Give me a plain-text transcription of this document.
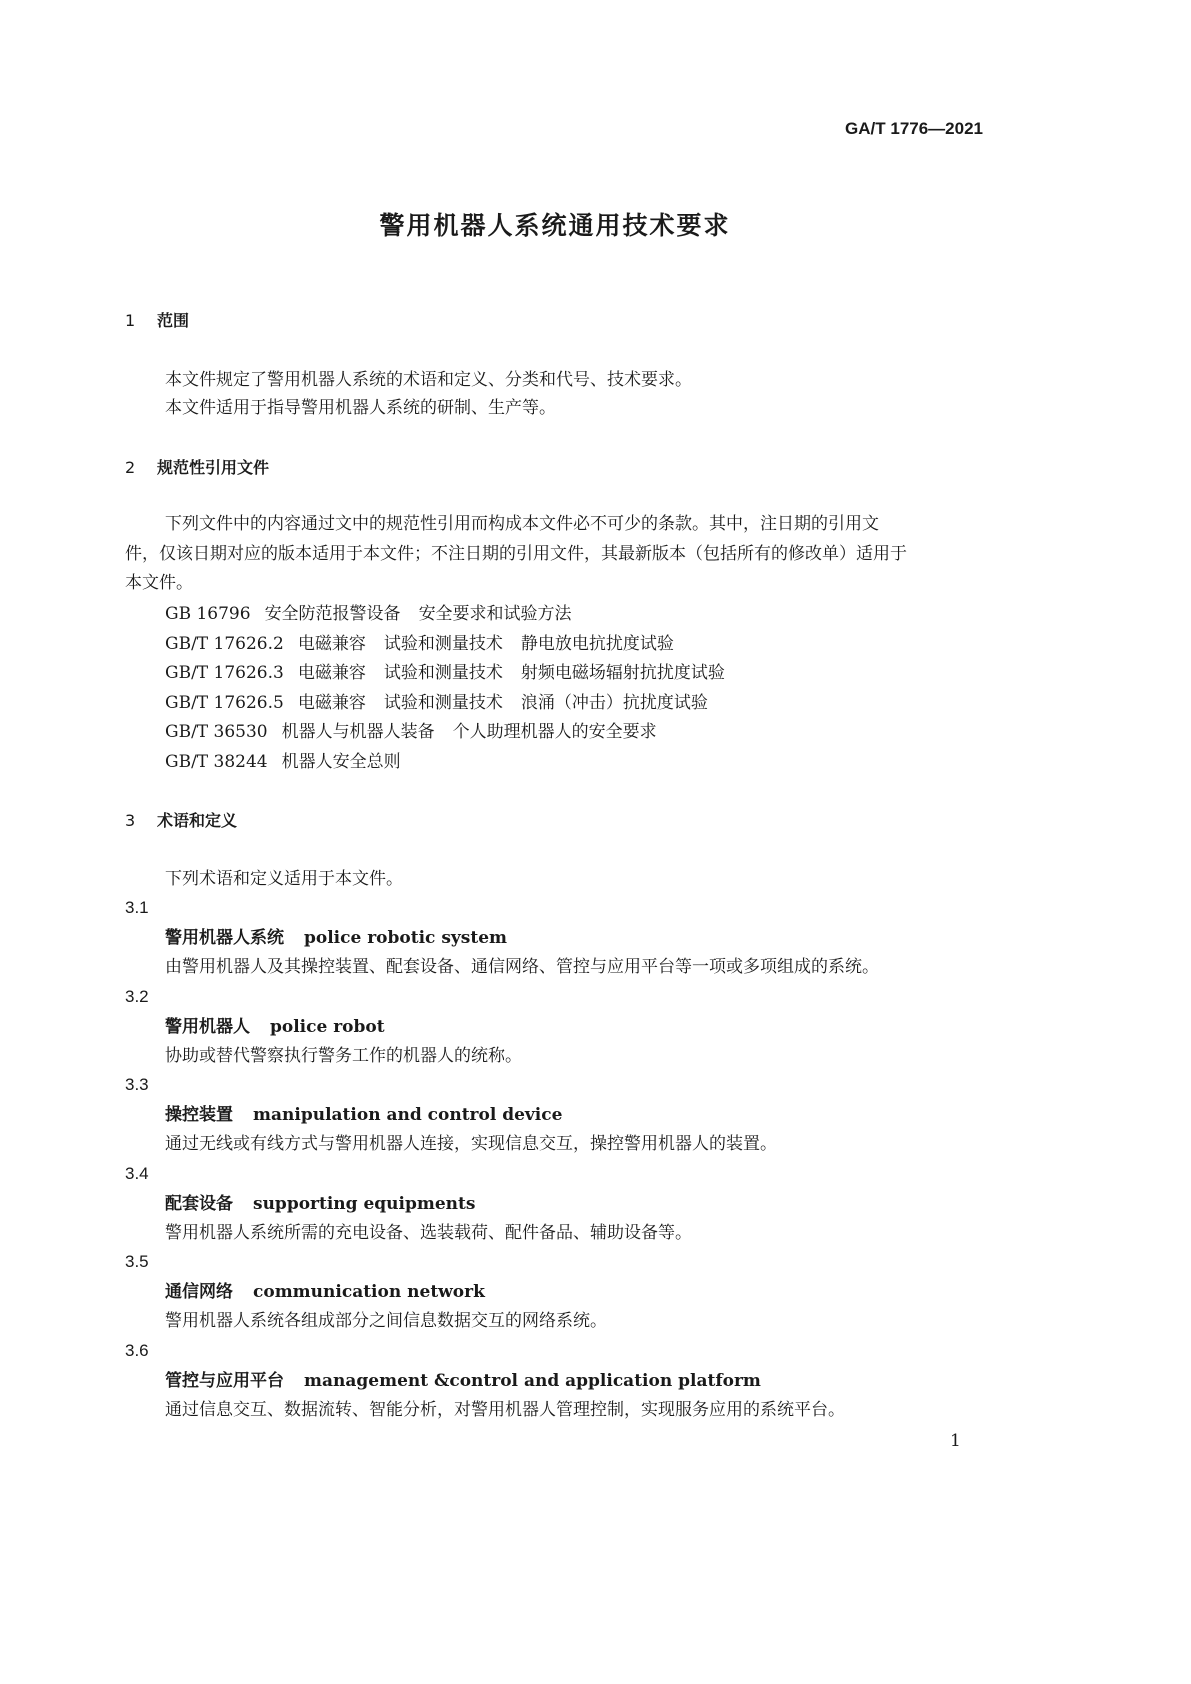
GA/T 1776—2021
警用机器人系统通用技术要求
1 范围
本文件规定了警用机器人系统的术语和定义、分类和代号、技术要求。
本文件适用于指导警用机器人系统的研制、生产等。
2 规范性引用文件
下列文件中的内容通过文中的规范性引用而构成本文件必不可少的条款。其中，注日期的引用文
件，仅该日期对应的版本适用于本文件；不注日期的引用文件，其最新版本（包括所有的修改单）适用于
本文件。
GB 16796 安全防范报警设备 安全要求和试验方法
GB/T 17626.2 电磁兼容 试验和测量技术 静电放电抗扰度试验
GB/T 17626.3 电磁兼容 试验和测量技术 射频电磁场辐射抗扰度试验
GB/T 17626.5 电磁兼容 试验和测量技术 浪涌（冲击）抗扰度试验
GB/T 36530 机器人与机器人装备 个人助理机器人的安全要求
GB/T 38244 机器人安全总则
3 术语和定义
下列术语和定义适用于本文件。
3.1
警用机器人系统 police robotic system
由警用机器人及其操控装置、配套设备、通信网络、管控与应用平台等一项或多项组成的系统。
3.2
警用机器人 police robot
协助或替代警察执行警务工作的机器人的统称。
3.3
操控装置 manipulation and control device
通过无线或有线方式与警用机器人连接，实现信息交互，操控警用机器人的装置。
3.4
配套设备 supporting equipments
警用机器人系统所需的充电设备、选装载荷、配件备品、辅助设备等。
3.5
通信网络 communication network
警用机器人系统各组成部分之间信息数据交互的网络系统。
3.6
管控与应用平台 management &control and application platform
通过信息交互、数据流转、智能分析，对警用机器人管理控制，实现服务应用的系统平台。
1
